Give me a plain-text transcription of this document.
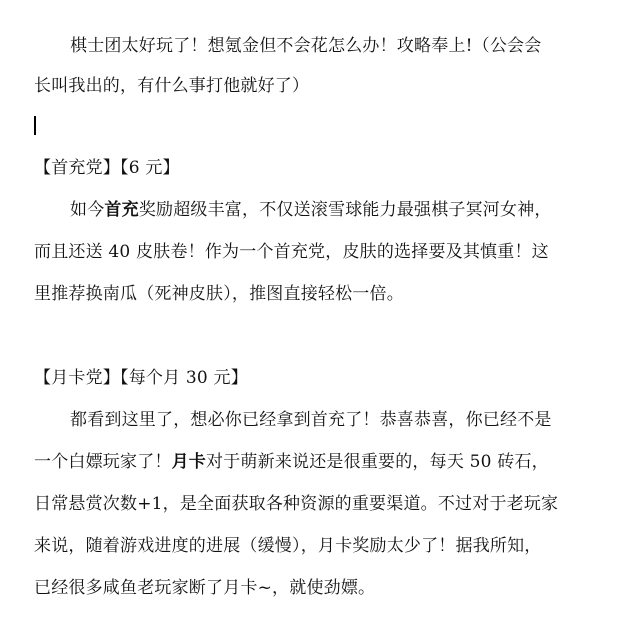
棋士团太好玩了！想氪金但不会花怎么办！攻略奉上!（公会会
长叫我出的，有什么事打他就好了）
【首充党】【6 元】
如今首充奖励超级丰富，不仅送滚雪球能力最强棋子冥河女神，
而且还送 40 皮肤卷！作为一个首充党，皮肤的选择要及其慎重！这
里推荐换南瓜（死神皮肤），推图直接轻松一倍。
【月卡党】【每个月 30 元】
都看到这里了，想必你已经拿到首充了！恭喜恭喜，你已经不是
一个白嫖玩家了！月卡对于萌新来说还是很重要的，每天 50 砖石，
日常悬赏次数+1，是全面获取各种资源的重要渠道。不过对于老玩家
来说，随着游戏进度的进展（缓慢），月卡奖励太少了！据我所知，
已经很多咸鱼老玩家断了月卡~，就使劲嫖。
